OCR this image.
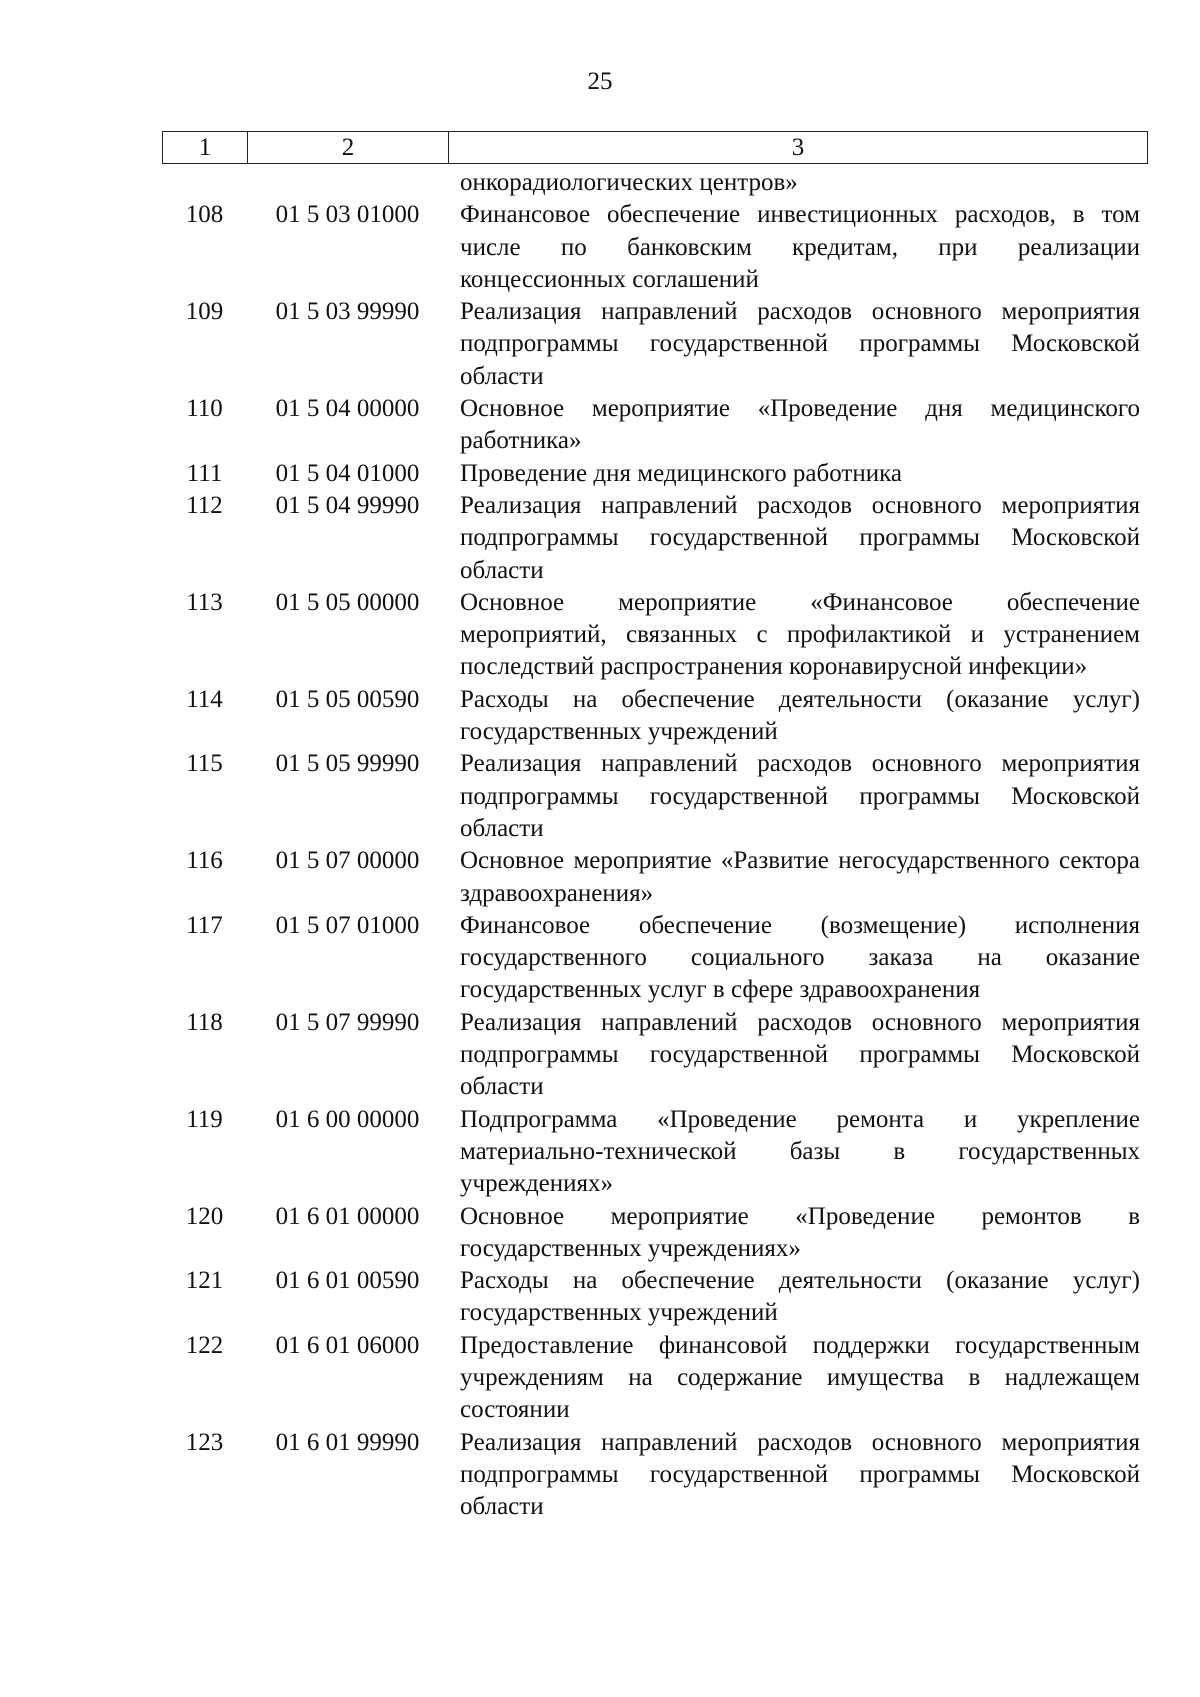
25
1	2	3
онкорадиологических центров»
108	01 5 03 01000	Финансовое обеспечение инвестиционных расходов, в том числе по банковским кредитам, при реализации концессионных соглашений
109	01 5 03 99990	Реализация направлений расходов основного мероприятия подпрограммы государственной программы Московской области
110	01 5 04 00000	Основное мероприятие «Проведение дня медицинского работника»
111	01 5 04 01000	Проведение дня медицинского работника
112	01 5 04 99990	Реализация направлений расходов основного мероприятия подпрограммы государственной программы Московской области
113	01 5 05 00000	Основное мероприятие «Финансовое обеспечение мероприятий, связанных с профилактикой и устранением последствий распространения коронавирусной инфекции»
114	01 5 05 00590	Расходы на обеспечение деятельности (оказание услуг) государственных учреждений
115	01 5 05 99990	Реализация направлений расходов основного мероприятия подпрограммы государственной программы Московской области
116	01 5 07 00000	Основное мероприятие «Развитие негосударственного сектора здравоохранения»
117	01 5 07 01000	Финансовое обеспечение (возмещение) исполнения государственного социального заказа на оказание государственных услуг в сфере здравоохранения
118	01 5 07 99990	Реализация направлений расходов основного мероприятия подпрограммы государственной программы Московской области
119	01 6 00 00000	Подпрограмма «Проведение ремонта и укрепление материально-технической базы в государственных учреждениях»
120	01 6 01 00000	Основное мероприятие «Проведение ремонтов в государственных учреждениях»
121	01 6 01 00590	Расходы на обеспечение деятельности (оказание услуг) государственных учреждений
122	01 6 01 06000	Предоставление финансовой поддержки государственным учреждениям на содержание имущества в надлежащем состоянии
123	01 6 01 99990	Реализация направлений расходов основного мероприятия подпрограммы государственной программы Московской области
